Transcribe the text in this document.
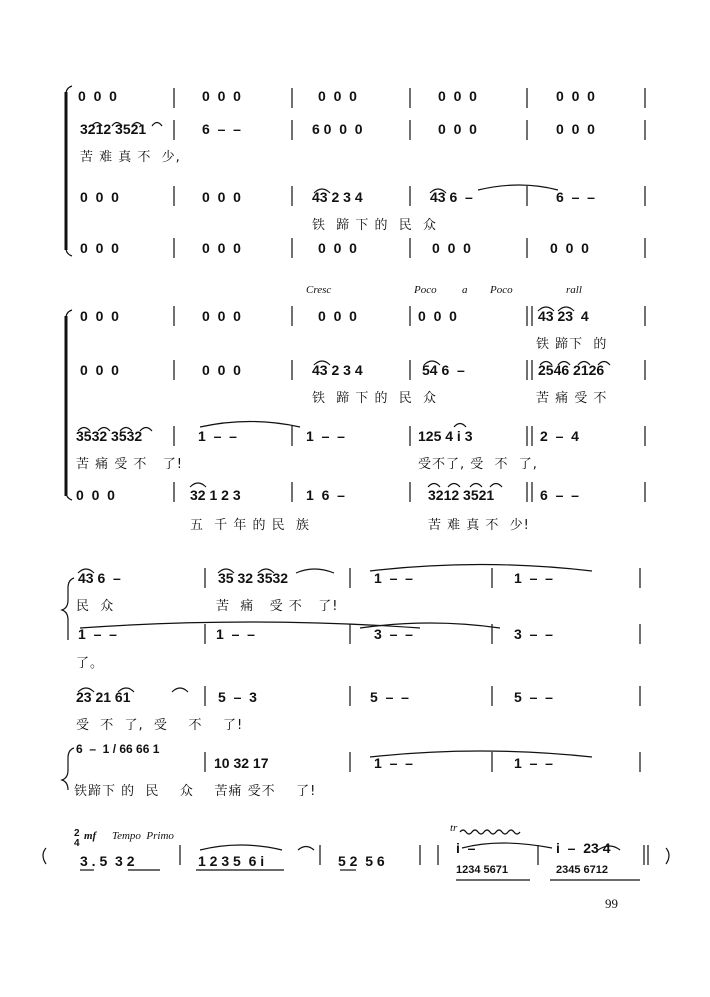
0  0  0	0  0  0	0  0  0	0  0  0	0  0  0
3212 3521	6  –  –	6 0  0  0	0  0  0	0  0  0
苦 难 真 不  少,
0  0  0	0  0  0	43 2 3 4	43 6  –	6  –  –
铁  蹄 下 的  民  众
0  0  0	0  0  0	0  0  0	0  0  0	0  0  0
Cresc	Poco a Poco	rall
0  0  0	0  0  0	0  0  0	0  0  0	43 23  4
铁 蹄下  的
0  0  0	0  0  0	43 2 3 4	54 6  –	2546 2126
铁  蹄 下 的  民  众	苦 痛 受 不
3532 3532	1  –  –	1  –  –	125 4 i 3	2  –  4
苦 痛 受 不   了!	受不了, 受  不  了,
0  0  0	32 1 2 3	1  6  –	3212 3521	6  –  –
五  千 年 的 民  族	苦 难 真 不  少!
43 6  –	35 32 3532	1  –  –	1  –  –
民  众	苦  痛   受 不   了!
1  –  –	1  –  –	3  –  –	3  –  –
了。
23 21 61	5  –  3	5  –  –	5  –  –
受  不  了,  受    不    了!
6  –  1 / 66 66 1
10 32 17	1  –  –	1  –  –
铁蹄下 的  民    众    苦痛 受不    了!
2
4
mf Tempo  Primo
tr
3 . 5  3 2	1 2 3 5  6 i	5 2  5 6
i  –
1234 5671
i  –  23 4
2345 6712
99
